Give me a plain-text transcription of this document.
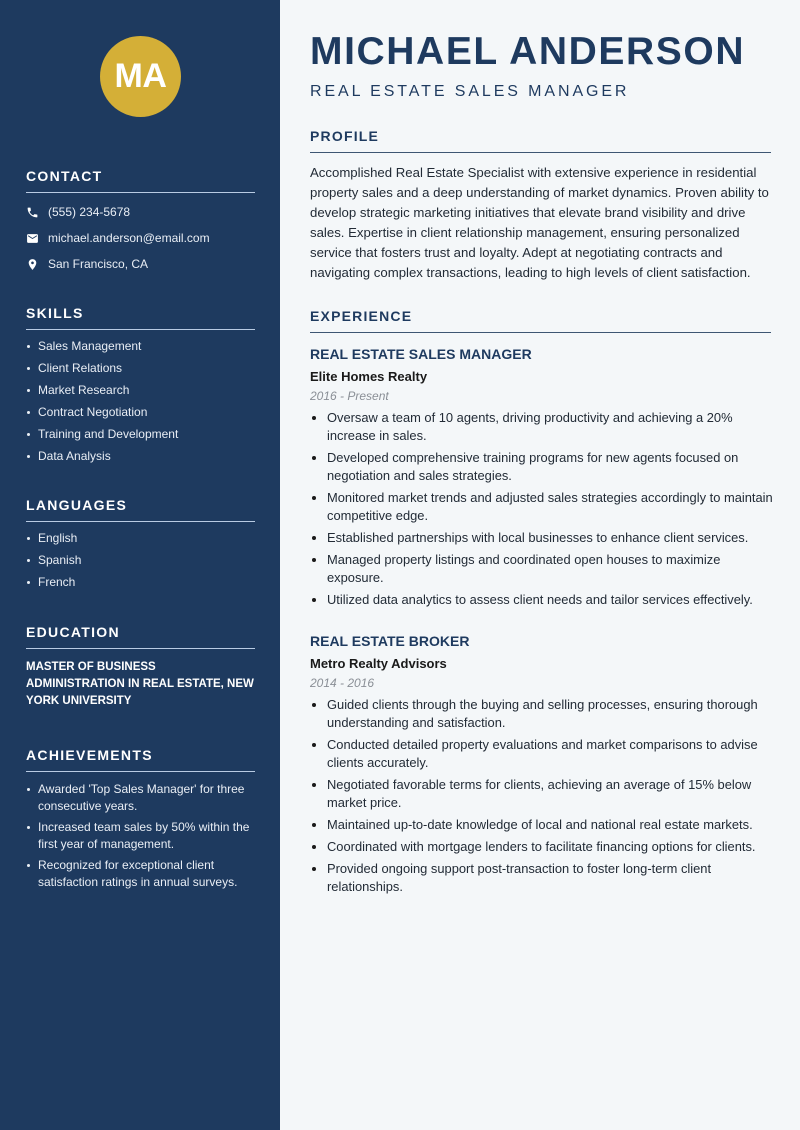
MA
CONTACT
(555) 234-5678
michael.anderson@email.com
San Francisco, CA
SKILLS
Sales Management
Client Relations
Market Research
Contract Negotiation
Training and Development
Data Analysis
LANGUAGES
English
Spanish
French
EDUCATION

MASTER OF BUSINESS ADMINISTRATION IN REAL ESTATE, NEW YORK UNIVERSITY

ACHIEVEMENTS
Awarded 'Top Sales Manager' for three consecutive years.
Increased team sales by 50% within the first year of management.
Recognized for exceptional client satisfaction ratings in annual surveys.
MICHAEL ANDERSON
REAL ESTATE SALES MANAGER
PROFILE

Accomplished Real Estate Specialist with extensive experience in residential property sales and a deep understanding of market dynamics. Proven ability to develop strategic marketing initiatives that elevate brand visibility and drive sales. Expertise in client relationship management, ensuring personalized service that fosters trust and loyalty. Adept at negotiating contracts and navigating complex transactions, leading to high levels of client satisfaction.

EXPERIENCE
REAL ESTATE SALES MANAGER
Elite Homes Realty
2016 - Present
Oversaw a team of 10 agents, driving productivity and achieving a 20% increase in sales.
Developed comprehensive training programs for new agents focused on negotiation and sales strategies.
Monitored market trends and adjusted sales strategies accordingly to maintain competitive edge.
Established partnerships with local businesses to enhance client services.
Managed property listings and coordinated open houses to maximize exposure.
Utilized data analytics to assess client needs and tailor services effectively.
REAL ESTATE BROKER
Metro Realty Advisors
2014 - 2016
Guided clients through the buying and selling processes, ensuring thorough understanding and satisfaction.
Conducted detailed property evaluations and market comparisons to advise clients accurately.
Negotiated favorable terms for clients, achieving an average of 15% below market price.
Maintained up-to-date knowledge of local and national real estate markets.
Coordinated with mortgage lenders to facilitate financing options for clients.
Provided ongoing support post-transaction to foster long-term client relationships.
